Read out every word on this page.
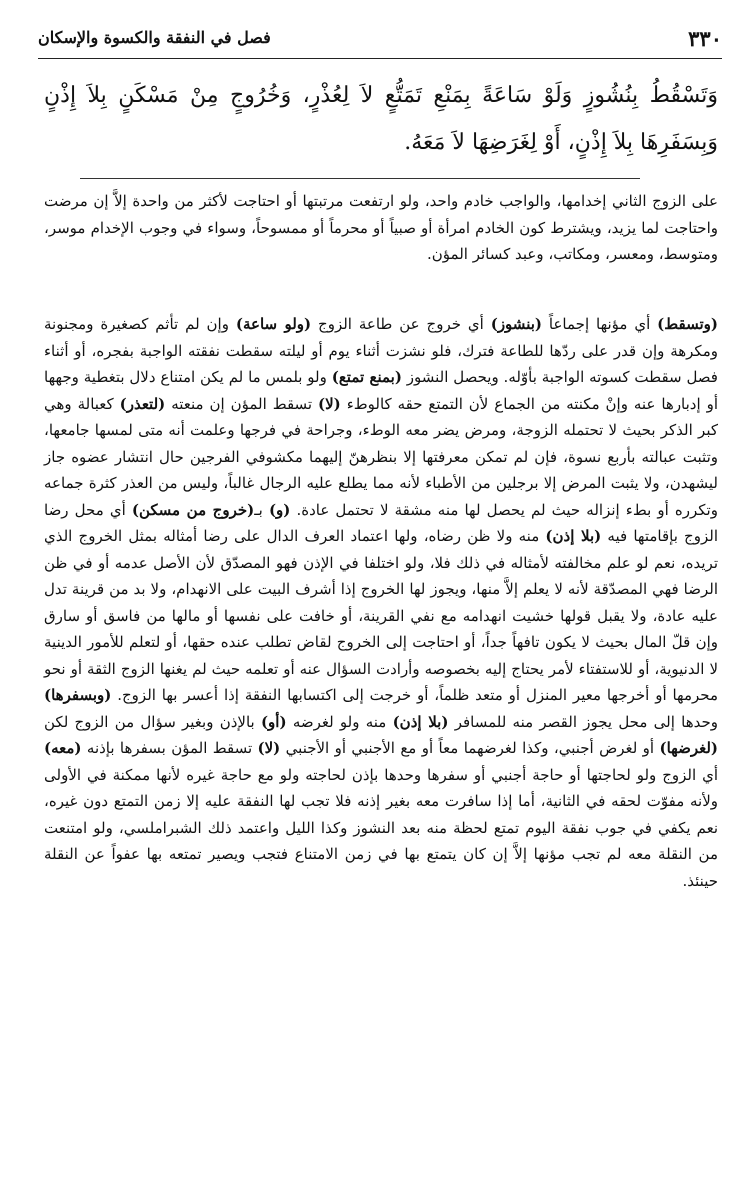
٣٣٠
فصل في النفقة والكسوة والإسكان
وَتَسْقُطُ بِنُشُوزٍ وَلَوْ سَاعَةً بِمَنْعِ تَمَتُّعٍ لاَ لِعُذْرٍ، وَخُرُوجٍ مِنْ مَسْكَنٍ بِلاَ إِذْنٍ وَبِسَفَرِهَا بِلاَ إِذْنٍ، أَوْ لِغَرَضِهَا لاَ مَعَهُ.
على الزوج الثاني إخدامها، والواجب خادم واحد، ولو ارتفعت مرتبتها أو احتاجت لأكثر من واحدة إلاَّ إن مرضت واحتاجت لما يزيد، ويشترط كون الخادم امرأة أو صبياً أو محرماً أو ممسوحاً، وسواء في وجوب الإخدام موسر، ومتوسط، ومعسر، ومكاتب، وعبد كسائر المؤن.
(وتسقط) أي مؤنها إجماعاً (بنشوز) أي خروج عن طاعة الزوج (ولو ساعة) وإن لم تأثم كصغيرة ومجنونة ومكرهة وإن قدر على ردّها للطاعة فترك، فلو نشزت أثناء يوم أو ليلته سقطت نفقته الواجبة بفجره، أو أثناء فصل سقطت كسوته الواجبة بأوّله. ويحصل النشوز (بمنع تمتع) ولو بلمس ما لم يكن امتناع دلال بتغطية وجهها أو إدبارها عنه وإنْ مكنته من الجماع لأن التمتع حقه كالوطء (لا) تسقط المؤن إن منعته (لتعذر) كعبالة وهي كبر الذكر بحيث لا تحتمله الزوجة، ومرض يضر معه الوطء، وجراحة في فرجها وعلمت أنه متى لمسها جامعها، وتثبت عبالته بأربع نسوة، فإن لم تمكن معرفتها إلا بنظرهنّ إليهما مكشوفي الفرجين حال انتشار عضوه جاز ليشهدن، ولا يثبت المرض إلا برجلين من الأطباء لأنه مما يطلع عليه الرجال غالباً، وليس من العذر كثرة جماعه وتكرره أو بطء إنزاله حيث لم يحصل لها منه مشقة لا تحتمل عادة. (و) بـ(خروج من مسكن) أي محل رضا الزوج بإقامتها فيه (بلا إذن) منه ولا ظن رضاه، ولها اعتماد العرف الدال على رضا أمثاله بمثل الخروج الذي تريده، نعم لو علم مخالفته لأمثاله في ذلك فلا، ولو اختلفا في الإذن فهو المصدّق لأن الأصل عدمه أو في ظن الرضا فهي المصدّقة لأنه لا يعلم إلاَّ منها، ويجوز لها الخروج إذا أشرف البيت على الانهدام، ولا بد من قرينة تدل عليه عادة، ولا يقبل قولها خشيت انهدامه مع نفي القرينة، أو خافت على نفسها أو مالها من فاسق أو سارق وإن قلّ المال بحيث لا يكون تافهاً جداً، أو احتاجت إلى الخروج لقاض تطلب عنده حقها، أو لتعلم للأمور الدينية لا الدنيوية، أو للاستفتاء لأمر يحتاج إليه بخصوصه وأرادت السؤال عنه أو تعلمه حيث لم يغنها الزوج الثقة أو نحو محرمها أو أخرجها معير المنزل أو متعد ظلماً، أو خرجت إلى اكتسابها النفقة إذا أعسر بها الزوج. (وبسفرها) وحدها إلى محل يجوز القصر منه للمسافر (بلا إذن) منه ولو لغرضه (أو) بالإذن وبغير سؤال من الزوج لكن (لغرضها) أو لغرض أجنبي، وكذا لغرضهما معاً أو مع الأجنبي أو الأجنبي (لا) تسقط المؤن بسفرها بإذنه (معه) أي الزوج ولو لحاجتها أو حاجة أجنبي أو سفرها وحدها بإذن لحاجته ولو مع حاجة غيره لأنها ممكنة في الأولى ولأنه مفوّت لحقه في الثانية، أما إذا سافرت معه بغير إذنه فلا تجب لها النفقة عليه إلا زمن التمتع دون غيره، نعم يكفي في جوب نفقة اليوم تمتع لحظة منه بعد النشوز وكذا الليل واعتمد ذلك الشبراملسي، ولو امتنعت من النقلة معه لم تجب مؤنها إلاَّ إن كان يتمتع بها في زمن الامتناع فتجب ويصير تمتعه بها عفواً عن النقلة حينئذ.
